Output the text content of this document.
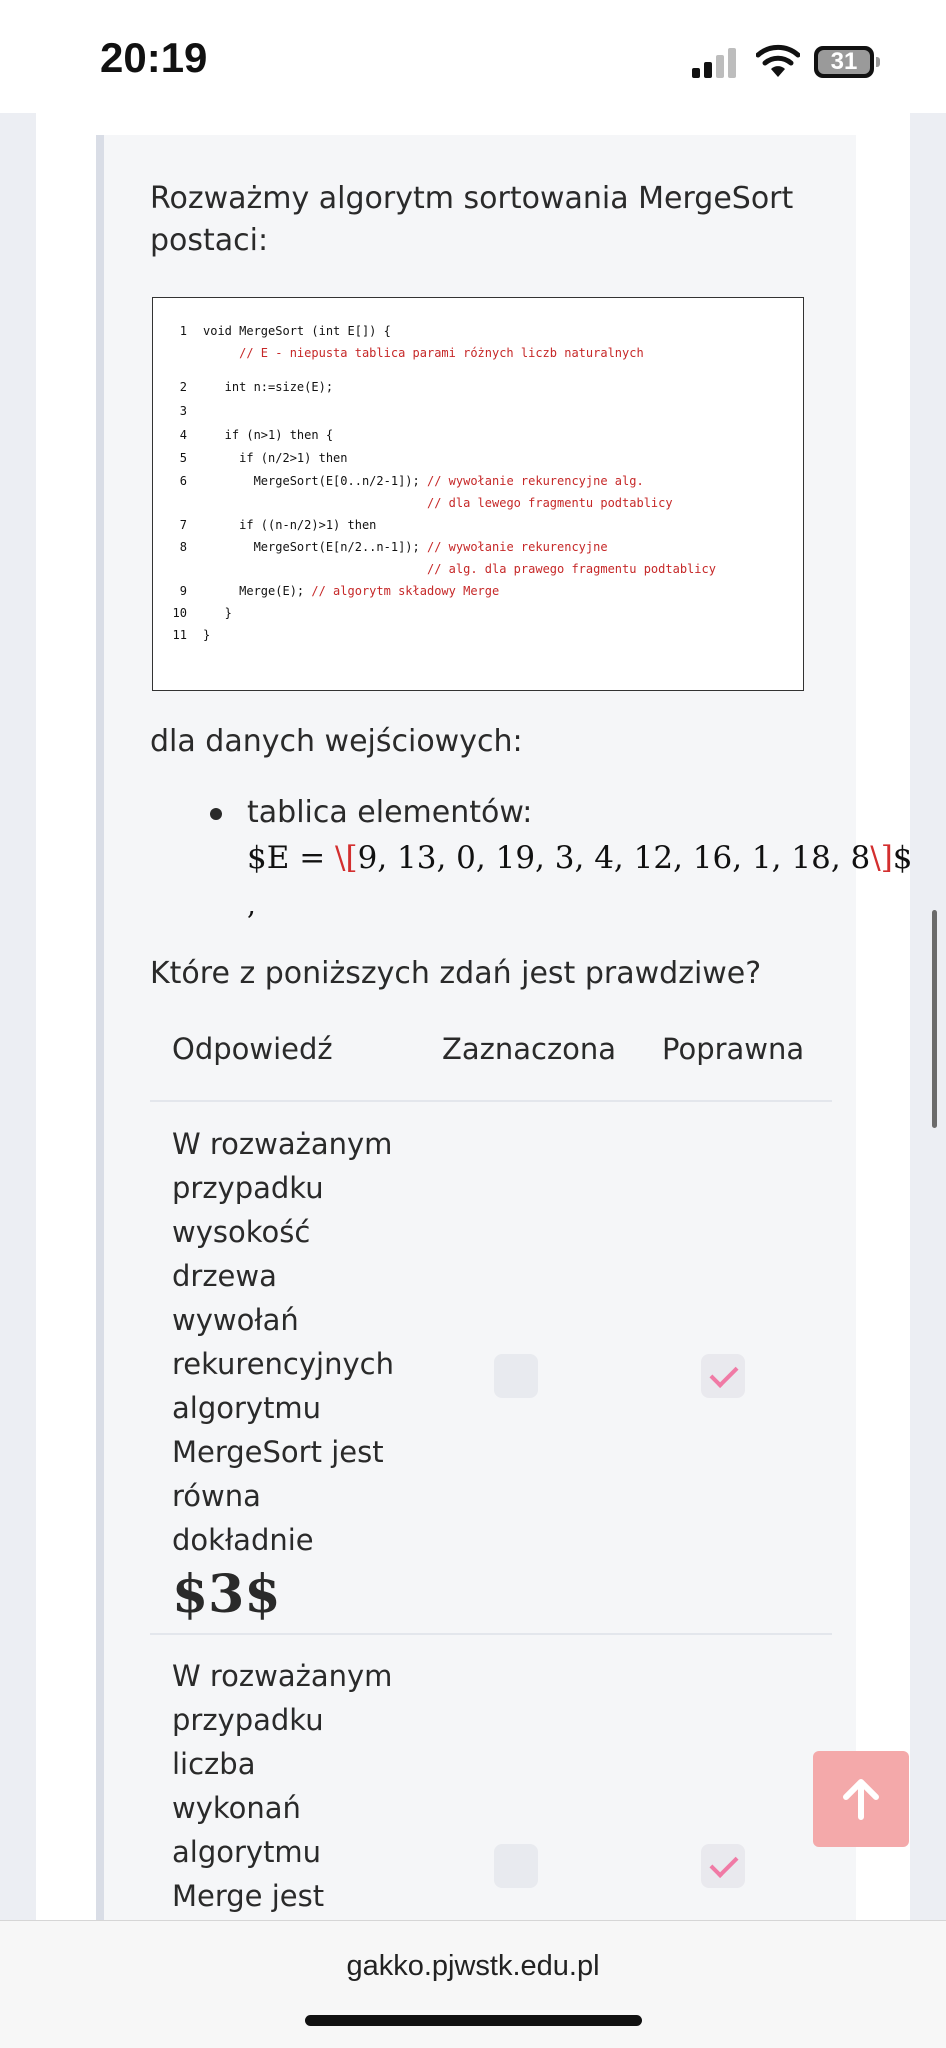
20:19	31
Rozważmy algorytm sortowania MergeSort postaci:
1 void MergeSort (int E[]) {
// E - niepusta tablica parami różnych liczb naturalnych
2   int n:=size(E);
3
4   if (n>1) then {
5     if (n/2>1) then
6       MergeSort(E[0..n/2-1]); // wywołanie rekurencyjne alg.
// dla lewego fragmentu podtablicy
7     if ((n-n/2)>1) then
8       MergeSort(E[n/2..n-1]); // wywołanie rekurencyjne
// alg. dla prawego fragmentu podtablicy
9     Merge(E); // algorytm składowy Merge
10   }
11 }
dla danych wejściowych:
tablica elementów:
$E = \[9, 13, 0, 19, 3, 4, 12, 16, 1, 18, 8\]$
,
Które z poniższych zdań jest prawdziwe?
Odpowiedź	Zaznaczona Poprawna
W rozważanym
przypadku
wysokość
drzewa
wywołań
rekurencyjnych
algorytmu
MergeSort jest
równa
dokładnie
$3$
W rozważanym
przypadku
liczba
wykonań
algorytmu
Merge jest
gakko.pjwstk.edu.pl
